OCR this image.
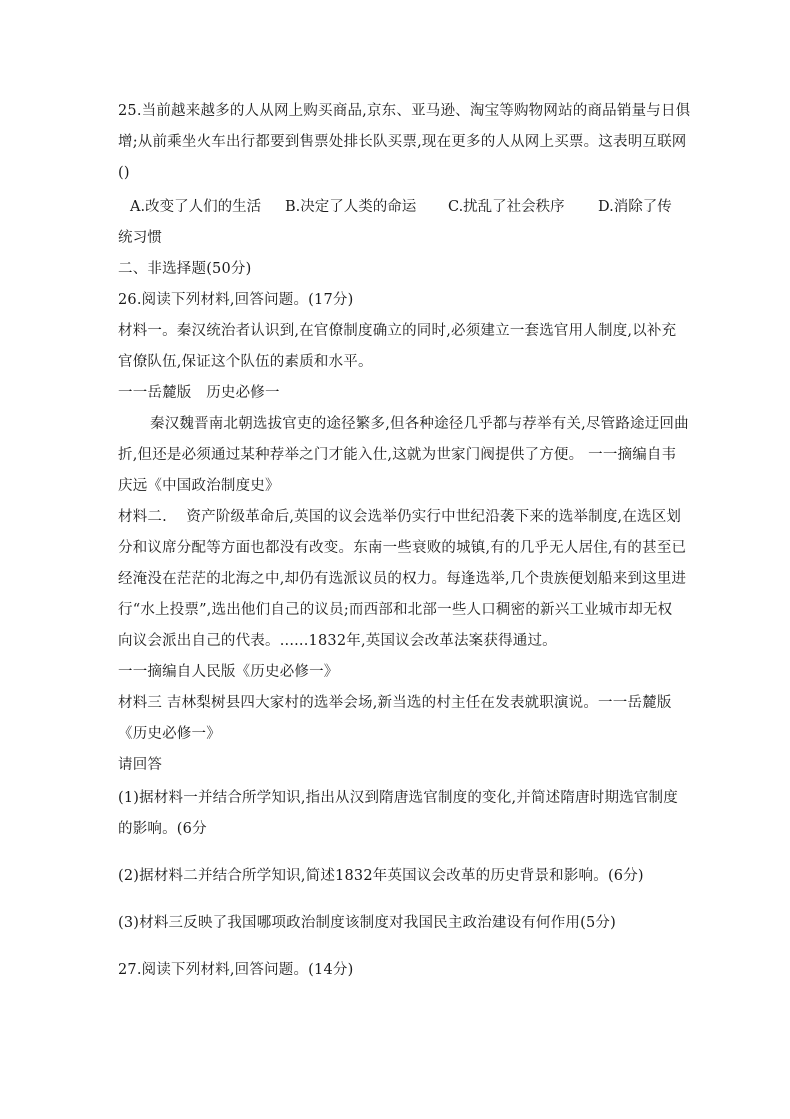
25.当前越来越多的人从网上购买商品,京东、亚马逊、淘宝等购物网站的商品销量与日俱
增;从前乘坐火车出行都要到售票处排长队买票,现在更多的人从网上买票。这表明互联网
()
A.改变了人们的生活 B.决定了人类的命运 C.扰乱了社会秩序 D.消除了传
统习惯
二、非选择题(50分)
26.阅读下列材料,回答问题。(17分)
材料一。秦汉统治者认识到,在官僚制度确立的同时,必须建立一套选官用人制度,以补充
官僚队伍,保证这个队伍的素质和水平。
一一岳麓版　历史必修一
秦汉魏晋南北朝选拔官吏的途径繁多,但各种途径几乎都与荐举有关,尽管路途迂回曲
折,但还是必须通过某种荐举之门才能入仕,这就为世家门阀提供了方便。 一一摘编自韦
庆远《中国政治制度史》
材料二.　 资产阶级革命后,英国的议会选举仍实行中世纪沿袭下来的选举制度,在选区划
分和议席分配等方面也都没有改变。东南一些衰败的城镇,有的几乎无人居住,有的甚至已
经淹没在茫茫的北海之中,却仍有选派议员的权力。每逢选举,几个贵族便划船来到这里进
行“水上投票”,选出他们自己的议员;而西部和北部一些人口稠密的新兴工业城市却无权
向议会派出自己的代表。......1832年,英国议会改革法案获得通过。
一一摘编自人民版《历史必修一》
材料三 吉林梨树县四大家村的选举会场,新当选的村主任在发表就职演说。一一岳麓版
《历史必修一》
请回答
(1)据材料一并结合所学知识,指出从汉到隋唐选官制度的变化,并简述隋唐时期选官制度
的影响。(6分
(2)据材料二并结合所学知识,简述1832年英国议会改革的历史背景和影响。(6分)
(3)材料三反映了我国哪项政治制度该制度对我国民主政治建设有何作用(5分)
27.阅读下列材料,回答问题。(14分)
